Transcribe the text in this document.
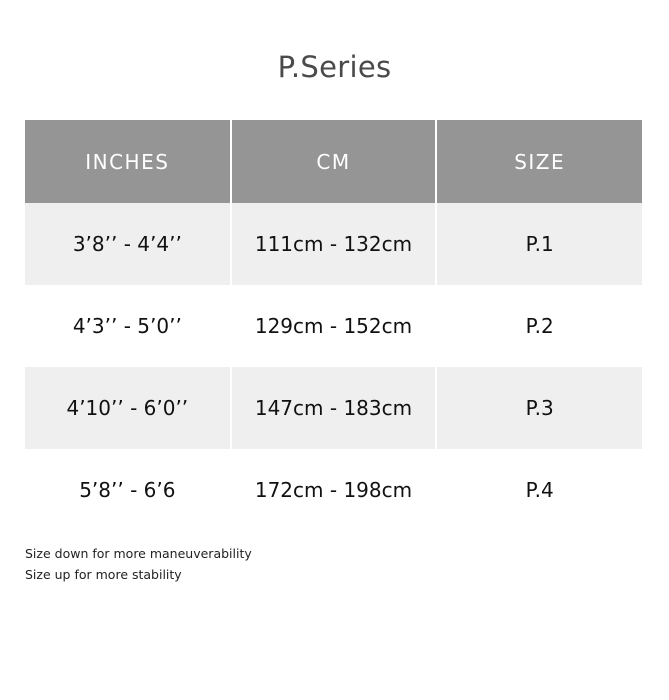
P.Series
INCHES	CM	SIZE
3’8’’ - 4’4’’	111cm - 132cm	P.1
4’3’’ - 5’0’’	129cm - 152cm	P.2
4’10’’ - 6’0’’	147cm - 183cm	P.3
5’8’’ - 6’6	172cm - 198cm	P.4
Size down for more maneuverability
Size up for more stability
